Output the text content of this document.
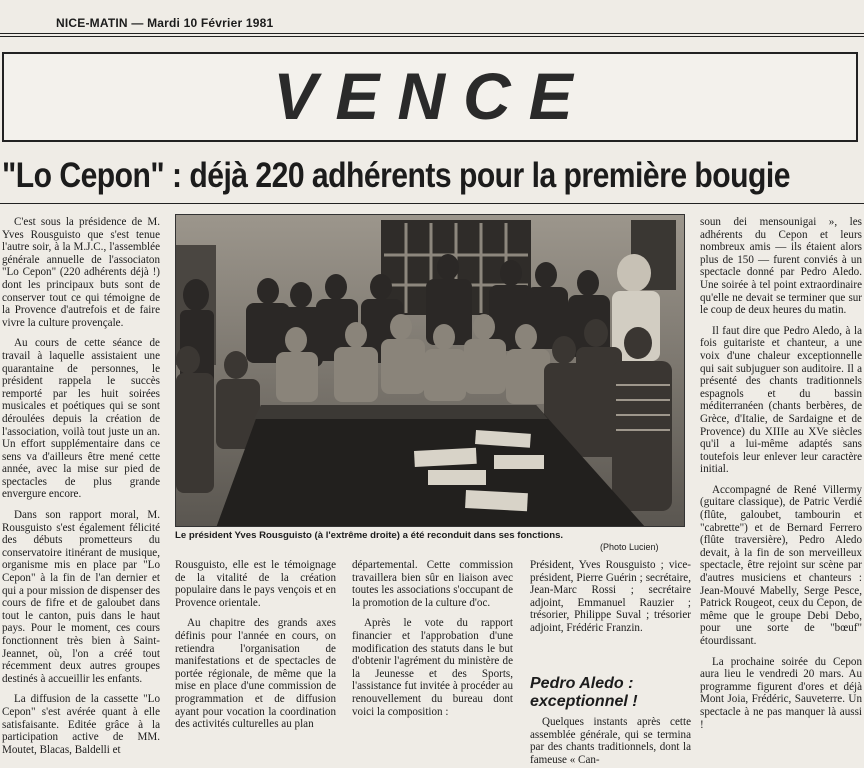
NICE-MATIN — Mardi 10 Février 1981
VENCE
"Lo Cepon" : déjà 220 adhérents pour la première bougie

C'est sous la présidence de M. Yves Rousguisto que s'est tenue l'autre soir, à la M.J.C., l'assemblée générale annuelle de l'associaton "Lo Cepon" (220 adhérents déjà !) dont les principaux buts sont de conserver tout ce qui témoigne de la Provence d'autrefois et de faire vivre la culture provençale.

Au cours de cette séance de travail à laquelle assistaient une quarantaine de personnes, le président rappela le succès remporté par les huit soirées musicales et poétiques qui se sont déroulées depuis la création de l'association, voilà tout juste un an. Un effort supplémentaire dans ce sens va d'ailleurs être mené cette année, avec la mise sur pied de spectacles de plus grande envergure encore.

Dans son rapport moral, M. Rousguisto s'est également félicité des débuts prometteurs du conservatoire itinérant de musique, organisme mis en place par "Lo Cepon" à la fin de l'an dernier et qui a pour mission de dispenser des cours de fifre et de galoubet dans tout le canton, puis dans le haut pays. Pour le moment, ces cours fonctionnent très bien à Saint-Jeannet, où, l'on a créé tout récemment deux autres groupes destinés à accueillir les enfants.

La diffusion de la cassette "Lo Cepon" s'est avérée quant à elle satisfaisante. Editée grâce à la participation active de MM. Moutet, Blacas, Baldelli et

Le président Yves Rousguisto (à l'extrême droite) a été reconduit dans ses fonctions.
(Photo Lucien)

Rousguisto, elle est le témoignage de la vitalité de la création populaire dans le pays vençois et en Provence orientale.

Au chapitre des grands axes définis pour l'année en cours, on retiendra l'organisation de manifestations et de spectacles de portée régionale, de même que la mise en place d'une commission de programmation et de diffusion ayant pour vocation la coordination des activités culturelles au plan

départemental. Cette commission travaillera bien sûr en liaison avec toutes les associations s'occupant de la promotion de la culture d'oc.

Après le vote du rapport financier et l'approbation d'une modification des statuts dans le but d'obtenir l'agrément du ministère de la Jeunesse et des Sports, l'assistance fut invitée à procéder au renouvellement du bureau dont voici la composition :

Président, Yves Rousguisto ; vice-président, Pierre Guérin ; secrétaire, Jean-Marc Rossi ; secrétaire adjoint, Emmanuel Rauzier ; trésorier, Philippe Suval ; trésorier adjoint, Frédéric Franzin.

Pedro Aledo : exceptionnel !

Quelques instants après cette assemblée générale, qui se termina par des chants traditionnels, dont la fameuse « Can-

soun dei mensounigai », les adhérents du Cepon et leurs nombreux amis — ils étaient alors plus de 150 — furent conviés à un spectacle donné par Pedro Aledo. Une soirée à tel point extraordinaire qu'elle ne devait se terminer que sur le coup de deux heures du matin.

Il faut dire que Pedro Aledo, à la fois guitariste et chanteur, a une voix d'une chaleur exceptionnelle qui sait subjuguer son auditoire. Il a présenté des chants traditionnels espagnols et du bassin méditerranéen (chants berbères, de Grèce, d'Italie, de Sardaigne et de Provence) du XIIIe au XVe siècles qu'il a lui-même adaptés sans toutefois leur enlever leur caractère initial.

Accompagné de René Villermy (guitare classique), de Patric Verdié (flûte, galoubet, tambourin et "cabrette") et de Bernard Ferrero (flûte traversière), Pedro Aledo devait, à la fin de son merveilleux spectacle, être rejoint sur scène par d'autres musiciens et chanteurs : Jean-Mouvé Mabelly, Serge Pesce, Patrick Rougeot, ceux du Cepon, de même que le groupe Debi Debo, pour une sorte de "bœuf" étourdissant.

La prochaine soirée du Cepon aura lieu le vendredi 20 mars. Au programme figurent d'ores et déjà Mont Joia, Frédéric, Sauveterre. Un spectacle à ne pas manquer là aussi !
